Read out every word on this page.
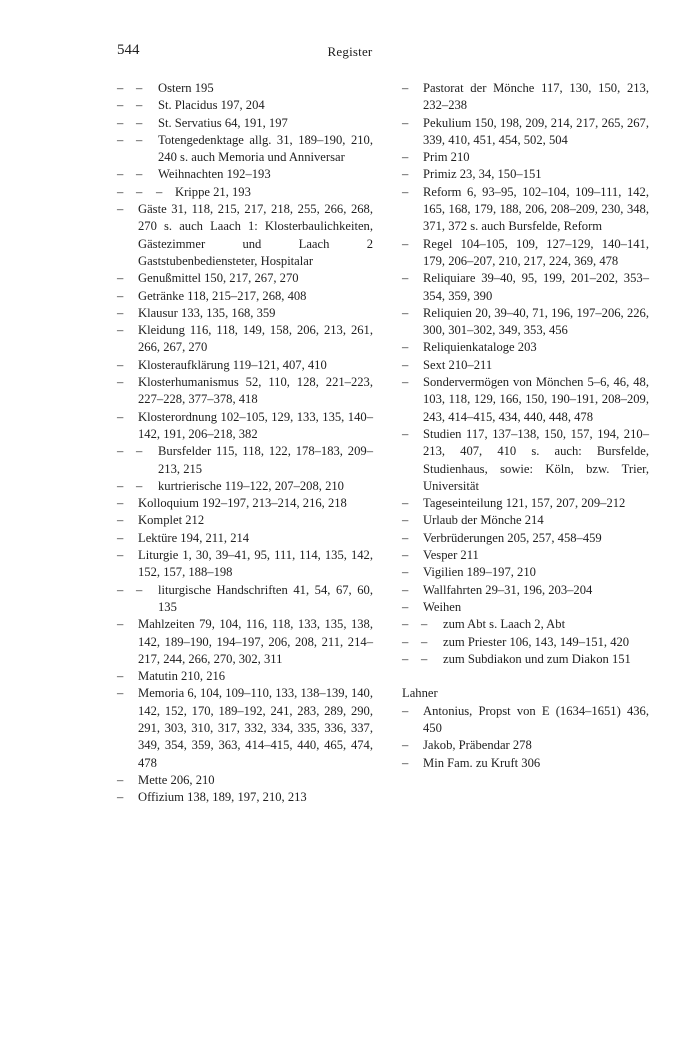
544	Register
– – Ostern 195
– – St. Placidus 197, 204
– – St. Servatius 64, 191, 197
– – Totengedenktage allg. 31, 189–190, 210, 240 s. auch Memoria und Anniversar
– – Weihnachten 192–193
– – – Krippe 21, 193
– Gäste 31, 118, 215, 217, 218, 255, 266, 268, 270 s. auch Laach 1: Klosterbaulichkeiten, Gästezimmer und Laach 2 Gaststubenbediensteter, Hospitalar
– Genußmittel 150, 217, 267, 270
– Getränke 118, 215–217, 268, 408
– Klausur 133, 135, 168, 359
– Kleidung 116, 118, 149, 158, 206, 213, 261, 266, 267, 270
– Klosteraufklärung 119–121, 407, 410
– Klosterhumanismus 52, 110, 128, 221–223, 227–228, 377–378, 418
– Klosterordnung 102–105, 129, 133, 135, 140–142, 191, 206–218, 382
– – Bursfelder 115, 118, 122, 178–183, 209–213, 215
– – kurtrierische 119–122, 207–208, 210
– Kolloquium 192–197, 213–214, 216, 218
– Komplet 212
– Lektüre 194, 211, 214
– Liturgie 1, 30, 39–41, 95, 111, 114, 135, 142, 152, 157, 188–198
– – liturgische Handschriften 41, 54, 67, 60, 135
– Mahlzeiten 79, 104, 116, 118, 133, 135, 138, 142, 189–190, 194–197, 206, 208, 211, 214–217, 244, 266, 270, 302, 311
– Matutin 210, 216
– Memoria 6, 104, 109–110, 133, 138–139, 140, 142, 152, 170, 189–192, 241, 283, 289, 290, 291, 303, 310, 317, 332, 334, 335, 336, 337, 349, 354, 359, 363, 414–415, 440, 465, 474, 478
– Mette 206, 210
– Offizium 138, 189, 197, 210, 213
– Pastorat der Mönche 117, 130, 150, 213, 232–238
– Pekulium 150, 198, 209, 214, 217, 265, 267, 339, 410, 451, 454, 502, 504
– Prim 210
– Primiz 23, 34, 150–151
– Reform 6, 93–95, 102–104, 109–111, 142, 165, 168, 179, 188, 206, 208–209, 230, 348, 371, 372 s. auch Bursfelde, Reform
– Regel 104–105, 109, 127–129, 140–141, 179, 206–207, 210, 217, 224, 369, 478
– Reliquiare 39–40, 95, 199, 201–202, 353–354, 359, 390
– Reliquien 20, 39–40, 71, 196, 197–206, 226, 300, 301–302, 349, 353, 456
– Reliquienkataloge 203
– Sext 210–211
– Sondervermögen von Mönchen 5–6, 46, 48, 103, 118, 129, 166, 150, 190–191, 208–209, 243, 414–415, 434, 440, 448, 478
– Studien 117, 137–138, 150, 157, 194, 210–213, 407, 410 s. auch: Bursfelde, Studienhaus, sowie: Köln, bzw. Trier, Universität
– Tageseinteilung 121, 157, 207, 209–212
– Urlaub der Mönche 214
– Verbrüderungen 205, 257, 458–459
– Vesper 211
– Vigilien 189–197, 210
– Wallfahrten 29–31, 196, 203–204
– Weihen
– – zum Abt s. Laach 2, Abt
– – zum Priester 106, 143, 149–151, 420
– – zum Subdiakon und zum Diakon 151
Lahner
– Antonius, Propst von E (1634–1651) 436, 450
– Jakob, Präbendar 278
– Min Fam. zu Kruft 306
